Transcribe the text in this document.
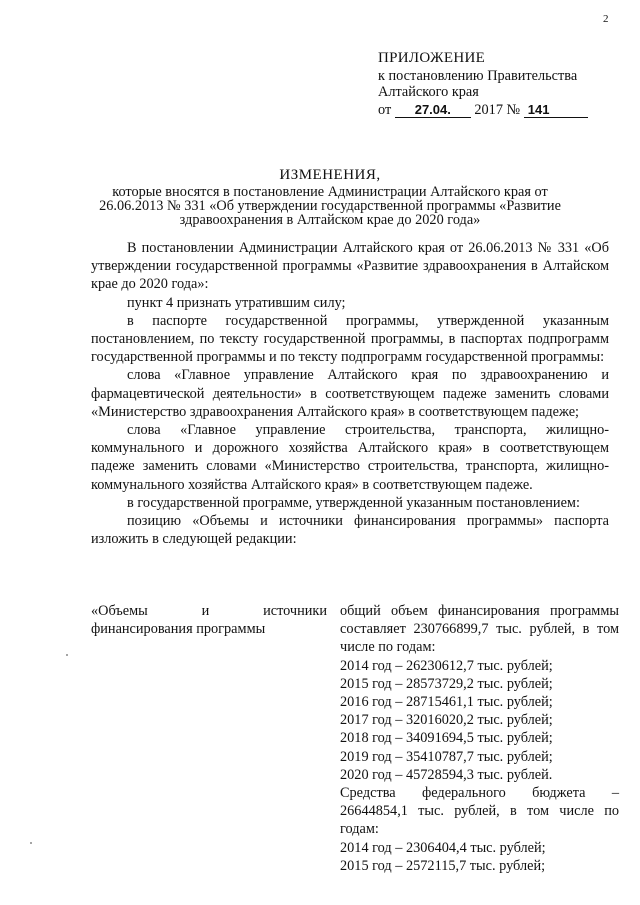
2
ПРИЛОЖЕНИЕ
к постановлению Правительства
Алтайского края
от 27.04. 2017 № 141
ИЗМЕНЕНИЯ,
которые вносятся в постановление Администрации Алтайского края от
26.06.2013 № 331 «Об утверждении государственной программы «Развитие
здравоохранения в Алтайском крае до 2020 года»

В постановлении Администрации Алтайского края от 26.06.2013 № 331 «Об утверждении государственной программы «Развитие здравоохранения в Алтайском крае до 2020 года»:

пункт 4 признать утратившим силу;

в паспорте государственной программы, утвержденной указанным постановлением, по тексту государственной программы, в паспортах подпрограмм государственной программы и по тексту подпрограмм государственной программы:

слова «Главное управление Алтайского края по здравоохранению и фармацевтической деятельности» в соответствующем падеже заменить словами «Министерство здравоохранения Алтайского края» в соответствующем падеже;

слова «Главное управление строительства, транспорта, жилищно-коммунального и дорожного хозяйства Алтайского края» в соответствующем падеже заменить словами «Министерство строительства, транспорта, жилищно-коммунального хозяйства Алтайского края» в соответствующем падеже.

в государственной программе, утвержденной указанным постановлением:

позицию «Объемы и источники финансирования программы» паспорта изложить в следующей редакции:

«Объемы и источники финансирования программы
общий объем финансирования программы составляет 230766899,7 тыс. рублей, в том числе по годам:
2014 год – 26230612,7 тыс. рублей;
2015 год – 28573729,2 тыс. рублей;
2016 год – 28715461,1 тыс. рублей;
2017 год – 32016020,2 тыс. рублей;
2018 год – 34091694,5 тыс. рублей;
2019 год – 35410787,7 тыс. рублей;
2020 год – 45728594,3 тыс. рублей.
Средства федерального бюджета – 26644854,1 тыс. рублей, в том числе по годам:
2014 год – 2306404,4 тыс. рублей;
2015 год – 2572115,7 тыс. рублей;
